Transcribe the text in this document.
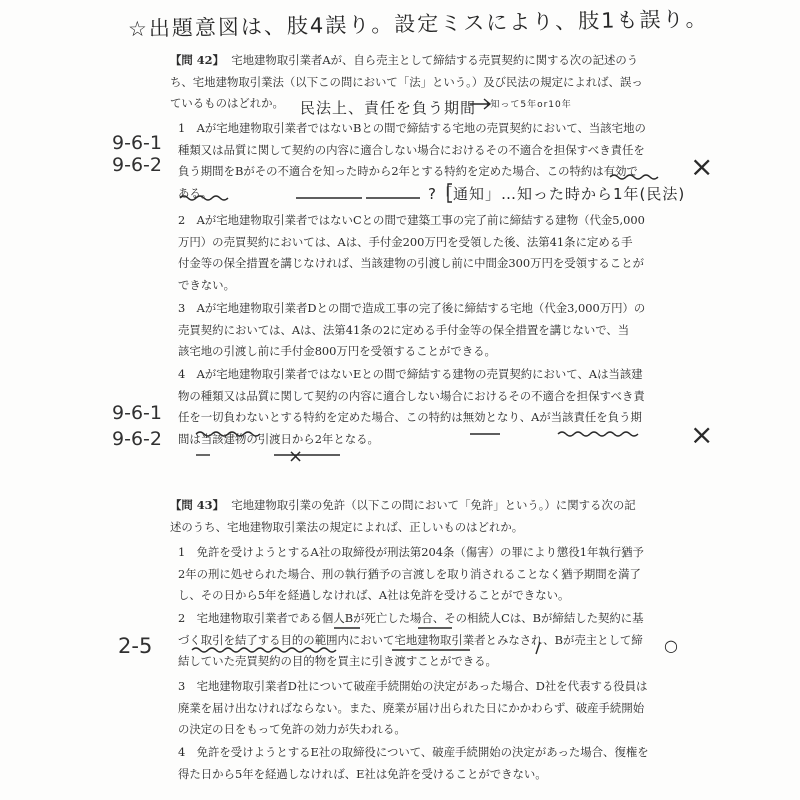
☆出題意図は、肢4誤り。設定ミスにより、肢1も誤り。

【問 42】 宅地建物取引業者Aが、自ら売主として締結する売買契約に関する次の記述のう

ち、宅地建物取引業法（以下この問において「法」という。）及び民法の規定によれば、誤っ

ているものはどれか。

1　Aが宅地建物取引業者ではないBとの間で締結する宅地の売買契約において、当該宅地の
種類又は品質に関して契約の内容に適合しない場合におけるその不適合を担保すべき責任を
負う期間をBがその不適合を知った時から2年とする特約を定めた場合、この特約は有効で
ある。
2　Aが宅地建物取引業者ではないCとの間で建築工事の完了前に締結する建物（代金5,000
万円）の売買契約においては、Aは、手付金200万円を受領した後、法第41条に定める手
付金等の保全措置を講じなければ、当該建物の引渡し前に中間金300万円を受領することが
できない。
3　Aが宅地建物取引業者Dとの間で造成工事の完了後に締結する宅地（代金3,000万円）の
売買契約においては、Aは、法第41条の2に定める手付金等の保全措置を講じないで、当
該宅地の引渡し前に手付金800万円を受領することができる。
4　Aが宅地建物取引業者ではないEとの間で締結する建物の売買契約において、Aは当該建
物の種類又は品質に関して契約の内容に適合しない場合におけるその不適合を担保すべき責
任を一切負わないとする特約を定めた場合、この特約は無効となり、Aが当該責任を負う期
間は当該建物の引渡日から2年となる。

【問 43】 宅地建物取引業の免許（以下この問において「免許」という。）に関する次の記

述のうち、宅地建物取引業法の規定によれば、正しいものはどれか。

1　免許を受けようとするA社の取締役が刑法第204条（傷害）の罪により懲役1年執行猶予
2年の刑に処せられた場合、刑の執行猶予の言渡しを取り消されることなく猶予期間を満了
し、その日から5年を経過しなければ、A社は免許を受けることができない。
2　宅地建物取引業者である個人Bが死亡した場合、その相続人Cは、Bが締結した契約に基
づく取引を結了する目的の範囲内において宅地建物取引業者とみなされ、Bが売主として締
結していた売買契約の目的物を買主に引き渡すことができる。
3　宅地建物取引業者D社について破産手続開始の決定があった場合、D社を代表する役員は
廃業を届け出なければならない。また、廃業が届け出られた日にかかわらず、破産手続開始
の決定の日をもって免許の効力が失われる。
4　免許を受けようとするE社の取締役について、破産手続開始の決定があった場合、復権を
得た日から5年を経過しなければ、E社は免許を受けることができない。
民法上、責任を負う期間 $^{\to 知って5年or10年}$
?「通知」…知った時から1年(民法)
9-6-1
9-6-2
9-6-1
9-6-2
2-5
×
×
×
○
